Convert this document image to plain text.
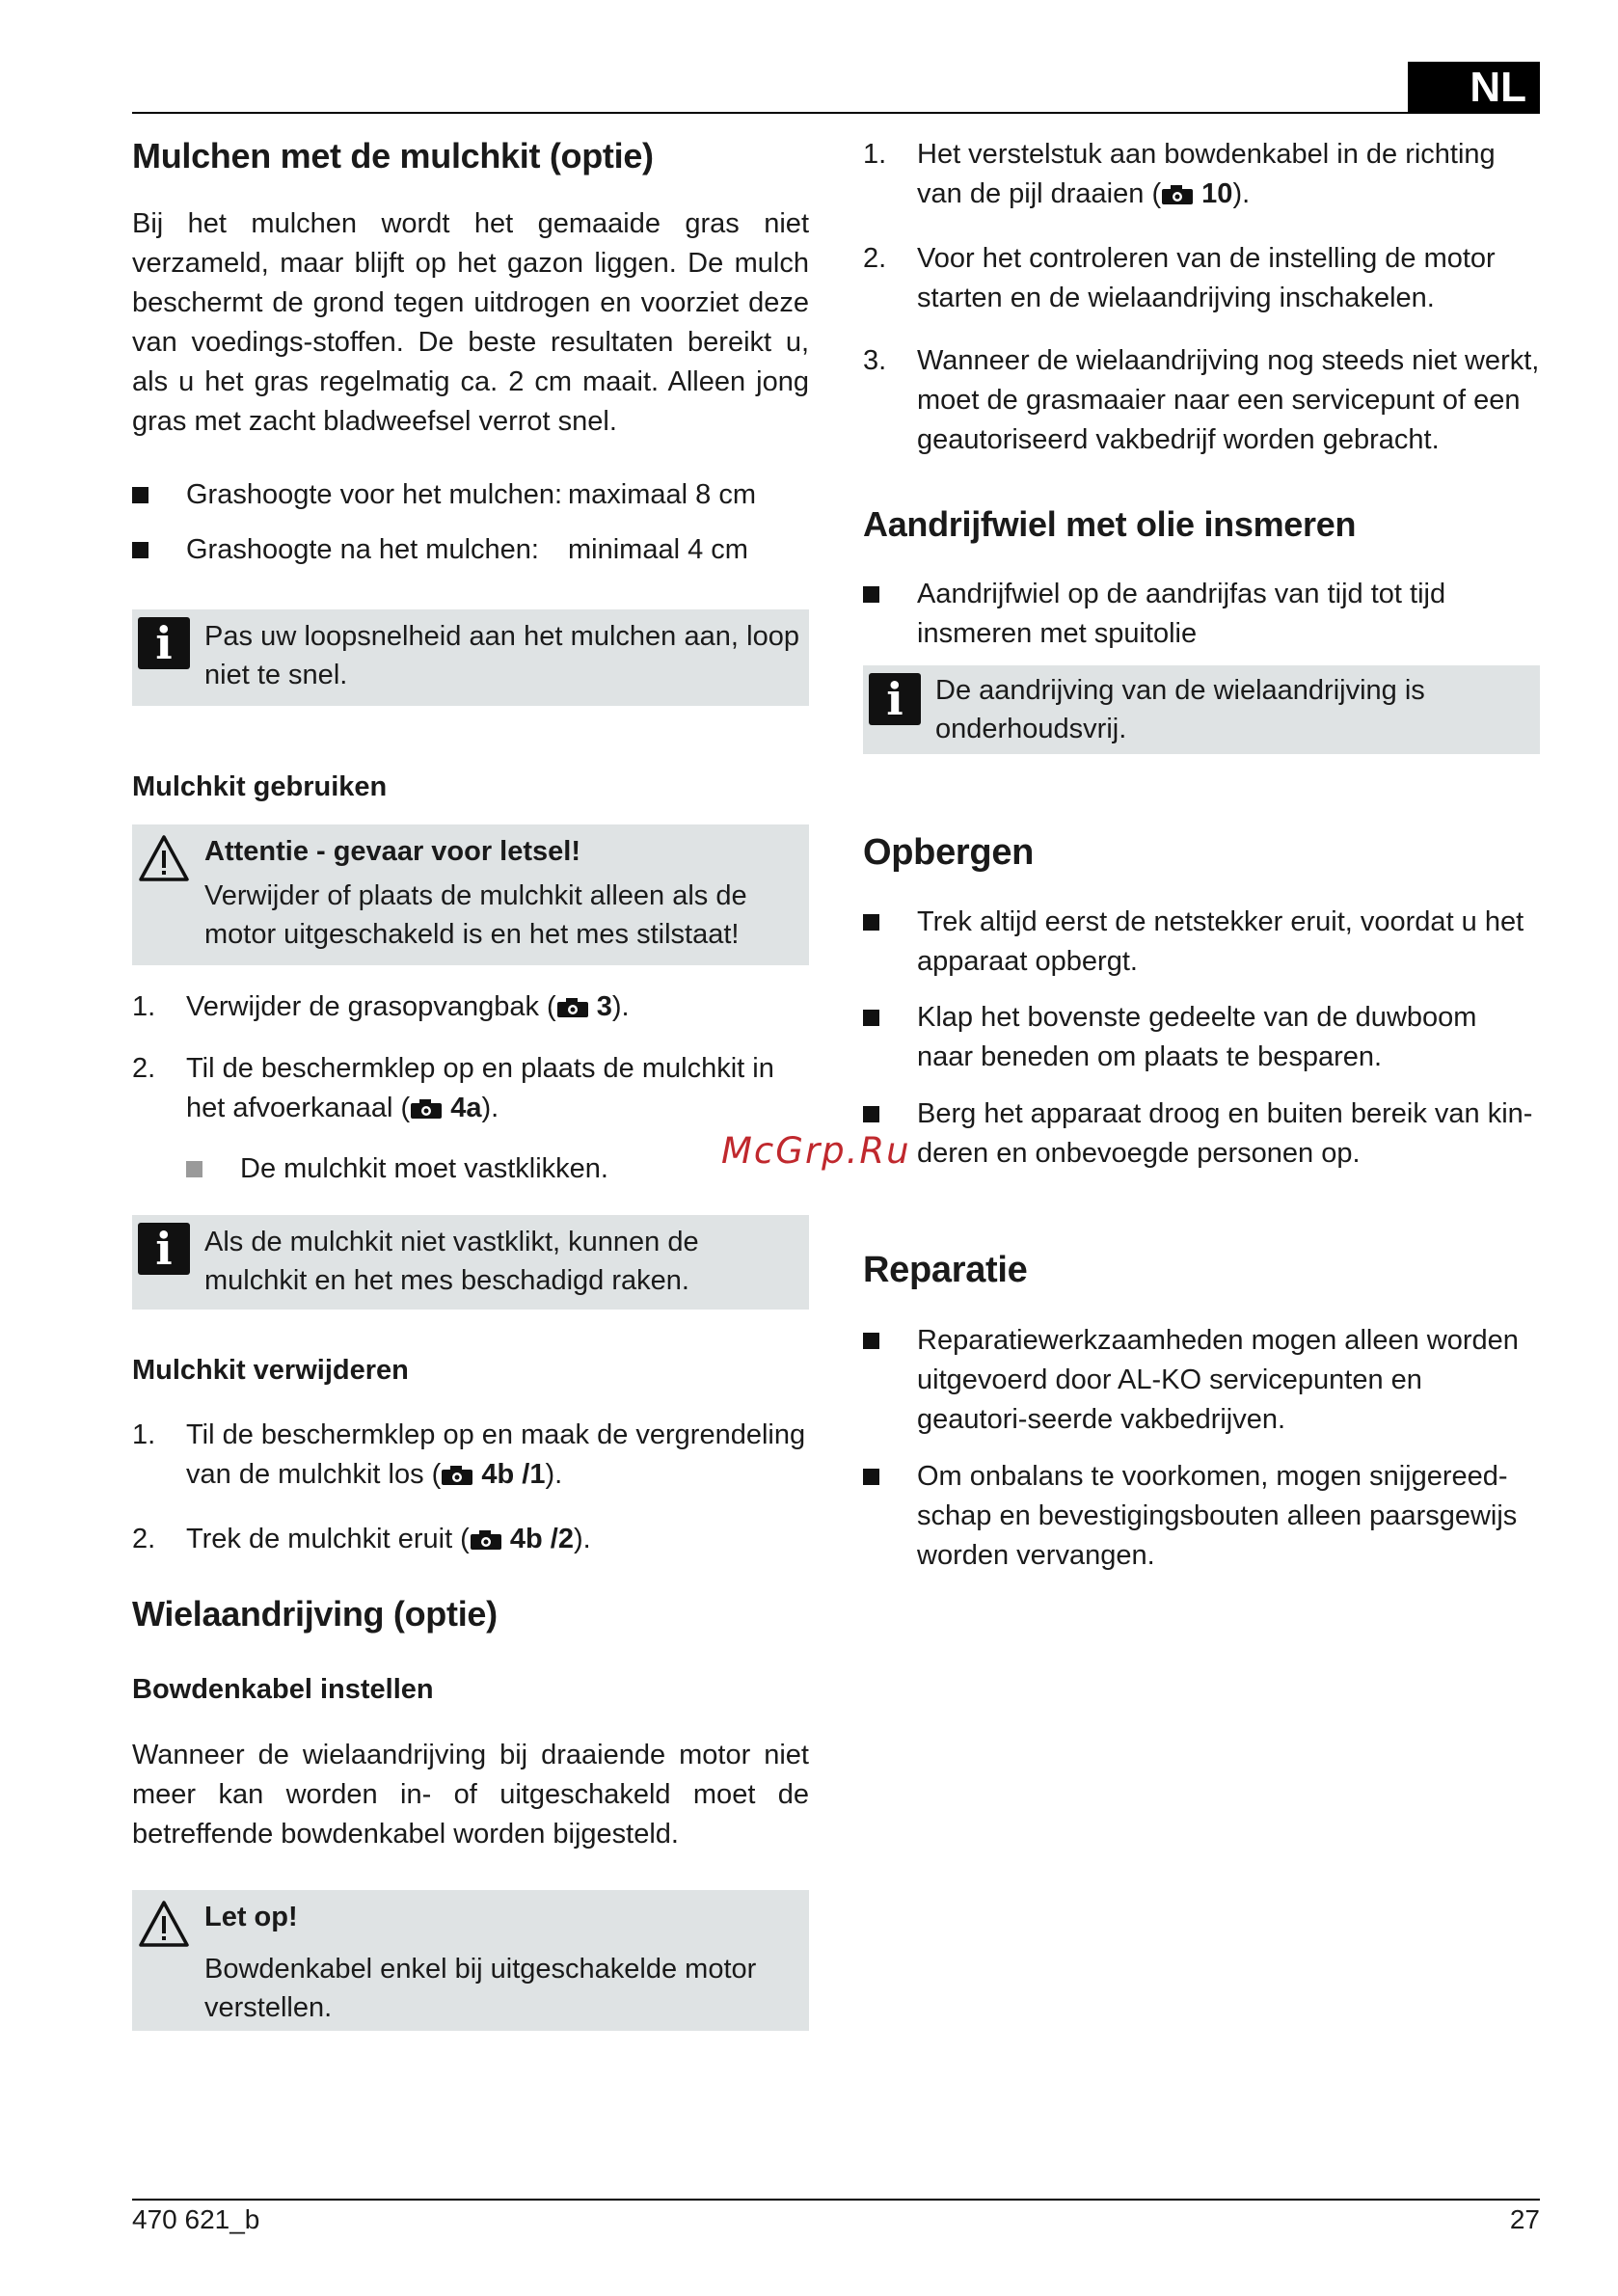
NL
Mulchen met de mulchkit (optie)

Bij het mulchen wordt het gemaaide gras niet verzameld, maar blijft op het gazon liggen. De mulch beschermt de grond tegen uitdrogen en voorziet deze van voedings-stoffen. De beste resultaten bereikt u, als u het gras regelmatig ca. 2 cm maait. Alleen jong gras met zacht bladweefsel verrot snel.

Grashoogte voor het mulchen: maximaal 8 cm
Grashoogte na het mulchen: minimaal 4 cm
i	Pas uw loopsnelheid aan het mulchen aan, loop niet te snel.
Mulchkit gebruiken
Attentie - gevaar voor letsel!
Verwijder of plaats de mulchkit alleen als de motor uitgeschakeld is en het mes stilstaat!
1. Verwijder de grasopvangbak ( 3).
2. Til de beschermklep op en plaats de mulchkit in het afvoerkanaal ( 4a).
De mulchkit moet vastklikken.
i	Als de mulchkit niet vastklikt, kunnen de mulchkit en het mes beschadigd raken.
Mulchkit verwijderen
1. Til de beschermklep op en maak de vergrendeling van de mulchkit los ( 4b /1).
2. Trek de mulchkit eruit ( 4b /2).
Wielaandrijving (optie)
Bowdenkabel instellen

Wanneer de wielaandrijving bij draaiende motor niet meer kan worden in- of uitgeschakeld moet de betreffende bowdenkabel worden bijgesteld.

Let op!
Bowdenkabel enkel bij uitgeschakelde motor verstellen.
1. Het verstelstuk aan bowdenkabel in de richting van de pijl draaien ( 10).
2. Voor het controleren van de instelling de motor starten en de wielaandrijving inschakelen.
3. Wanneer de wielaandrijving nog steeds niet werkt, moet de grasmaaier naar een servicepunt of een geautoriseerd vakbedrijf worden gebracht.
Aandrijfwiel met olie insmeren
Aandrijfwiel op de aandrijfas van tijd tot tijd insmeren met spuitolie
i	De aandrijving van de wielaandrijving is onderhoudsvrij.
Opbergen
Trek altijd eerst de netstekker eruit, voordat u het apparaat opbergt.
Klap het bovenste gedeelte van de duwboom naar beneden om plaats te besparen.
Berg het apparaat droog en buiten bereik van kin-deren en onbevoegde personen op.
Reparatie
Reparatiewerkzaamheden mogen alleen worden uitgevoerd door AL-KO servicepunten en geautori-seerde vakbedrijven.
Om onbalans te voorkomen, mogen snijgereed-schap en bevestigingsbouten alleen paarsgewijs worden vervangen.
McGrp.Ru
470 621_b	27
